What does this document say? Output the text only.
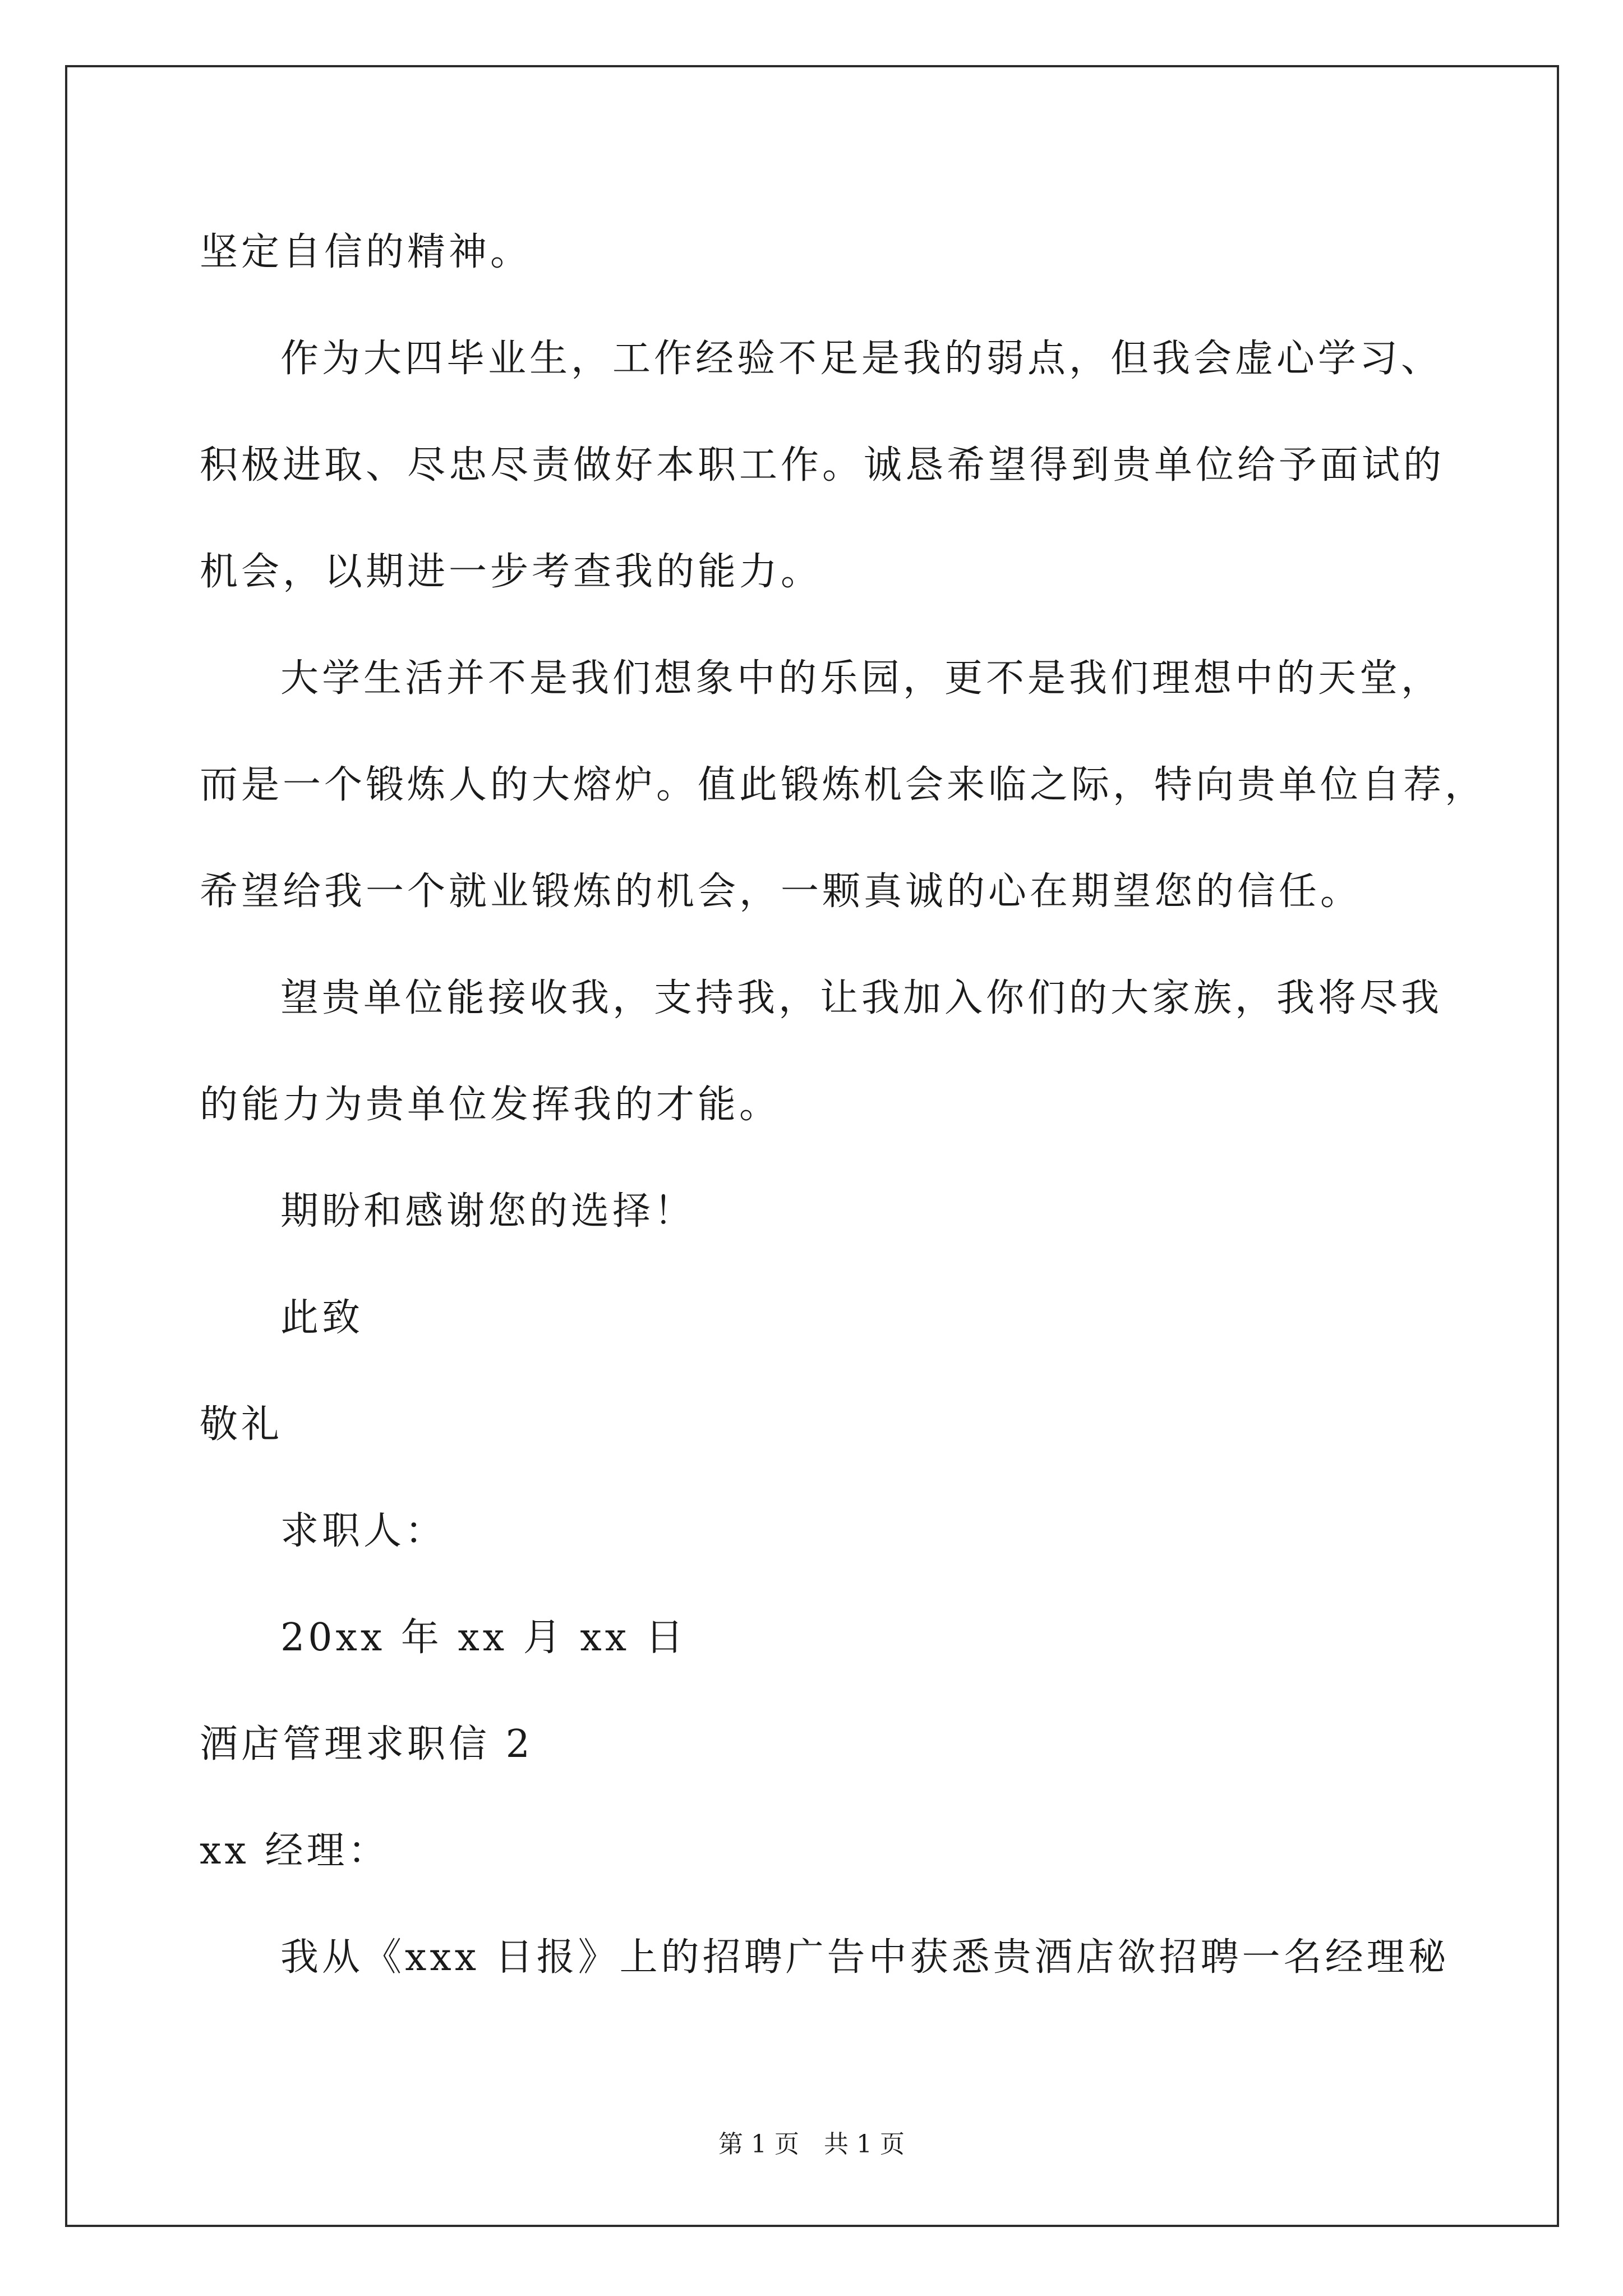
坚定自信的精神。
作为大四毕业生，工作经验不足是我的弱点，但我会虚心学习、
积极进取、尽忠尽责做好本职工作。诚恳希望得到贵单位给予面试的
机会，以期进一步考查我的能力。
大学生活并不是我们想象中的乐园，更不是我们理想中的天堂，
而是一个锻炼人的大熔炉。值此锻炼机会来临之际，特向贵单位自荐，
希望给我一个就业锻炼的机会，一颗真诚的心在期望您的信任。
望贵单位能接收我，支持我，让我加入你们的大家族，我将尽我
的能力为贵单位发挥我的才能。
期盼和感谢您的选择！
此致
敬礼
求职人：
20xx 年 xx 月 xx 日
酒店管理求职信 2
xx 经理：
我从《xxx 日报》上的招聘广告中获悉贵酒店欲招聘一名经理秘
第 1 页　共 1 页
